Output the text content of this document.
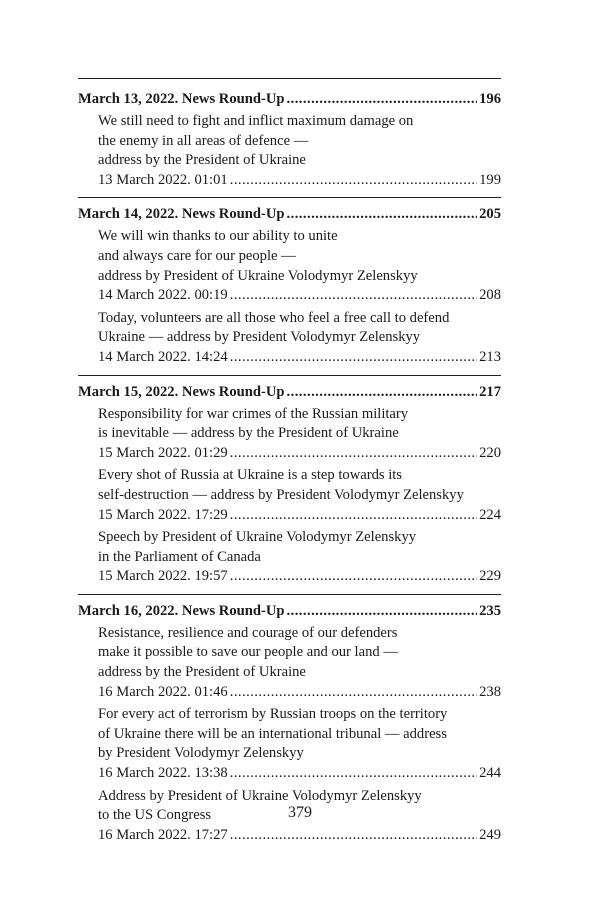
March 13, 2022. News Round-Up . . .	196
We still need to fight and inflict maximum damage on
the enemy in all areas of defence —
address by the President of Ukraine
13 March 2022. 01:01 . . .	199
March 14, 2022. News Round-Up . . .	205
We will win thanks to our ability to unite
and always care for our people —
address by President of Ukraine Volodymyr Zelenskyy
14 March 2022. 00:19 . . .	208
Today, volunteers are all those who feel a free call to defend
Ukraine — address by President Volodymyr Zelenskyy
14 March 2022. 14:24 . . .	213
March 15, 2022. News Round-Up . . .	217
Responsibility for war crimes of the Russian military
is inevitable — address by the President of Ukraine
15 March 2022. 01:29 . . .	220
Every shot of Russia at Ukraine is a step towards its
self-destruction — address by President Volodymyr Zelenskyy
15 March 2022. 17:29 . . .	224
Speech by President of Ukraine Volodymyr Zelenskyy
in the Parliament of Canada
15 March 2022. 19:57 . . .	229
March 16, 2022. News Round-Up . . .	235
Resistance, resilience and courage of our defenders
make it possible to save our people and our land —
address by the President of Ukraine
16 March 2022. 01:46 . . .	238
For every act of terrorism by Russian troops on the territory
of Ukraine there will be an international tribunal — address
by President Volodymyr Zelenskyy
16 March 2022. 13:38 . . .	244
Address by President of Ukraine Volodymyr Zelenskyy
to the US Congress
16 March 2022. 17:27 . . .	249
379
